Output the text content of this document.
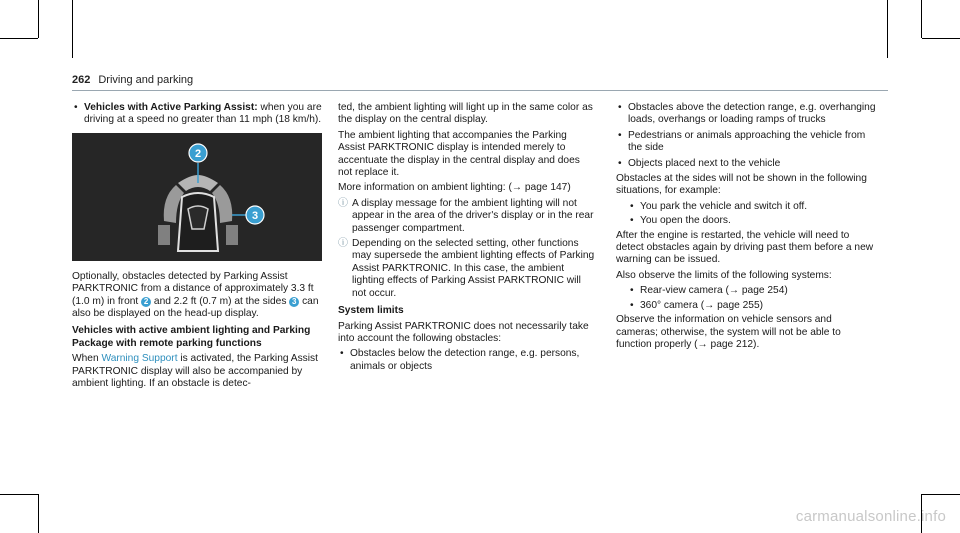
262 Driving and parking
• Vehicles with Active Parking Assist: when you are driving at a speed no greater than 11 mph (18 km/h).
2
3

Optionally, obstacles detected by Parking Assist PARKTRONIC from a distance of approximately 3.3 ft (1.0 m) in front 2 and 2.2 ft (0.7 m) at the sides 3 can also be displayed on the head-up display.

Vehicles with active ambient lighting and Parking Package with remote parking functions

When Warning Support is activated, the Parking Assist PARKTRONIC display will also be accompanied by ambient lighting. If an obstacle is detec-

ted, the ambient lighting will light up in the same color as the display on the central display.

The ambient lighting that accompanies the Parking Assist PARKTRONIC display is intended merely to accentuate the display in the central display and does not replace it.

More information on ambient lighting: (→ page 147)

ⓘ A display message for the ambient lighting will not appear in the area of the driver's display or in the rear passenger compartment.
ⓘ Depending on the selected setting, other functions may supersede the ambient lighting effects of Parking Assist PARKTRONIC. In this case, the ambient lighting effects of Parking Assist PARKTRONIC will not occur.

System limits

Parking Assist PARKTRONIC does not necessarily take into account the following obstacles:

• Obstacles below the detection range, e.g. persons, animals or objects
• Obstacles above the detection range, e.g. overhanging loads, overhangs or loading ramps of trucks
• Pedestrians or animals approaching the vehicle from the side
• Objects placed next to the vehicle

Obstacles at the sides will not be shown in the following situations, for example:

• You park the vehicle and switch it off.
• You open the doors.

After the engine is restarted, the vehicle will need to detect obstacles again by driving past them before a new warning can be issued.

Also observe the limits of the following systems:

• Rear-view camera (→ page 254)
• 360° camera (→ page 255)

Observe the information on vehicle sensors and cameras; otherwise, the system will not be able to function properly (→ page 212).

carmanualsonline.info
